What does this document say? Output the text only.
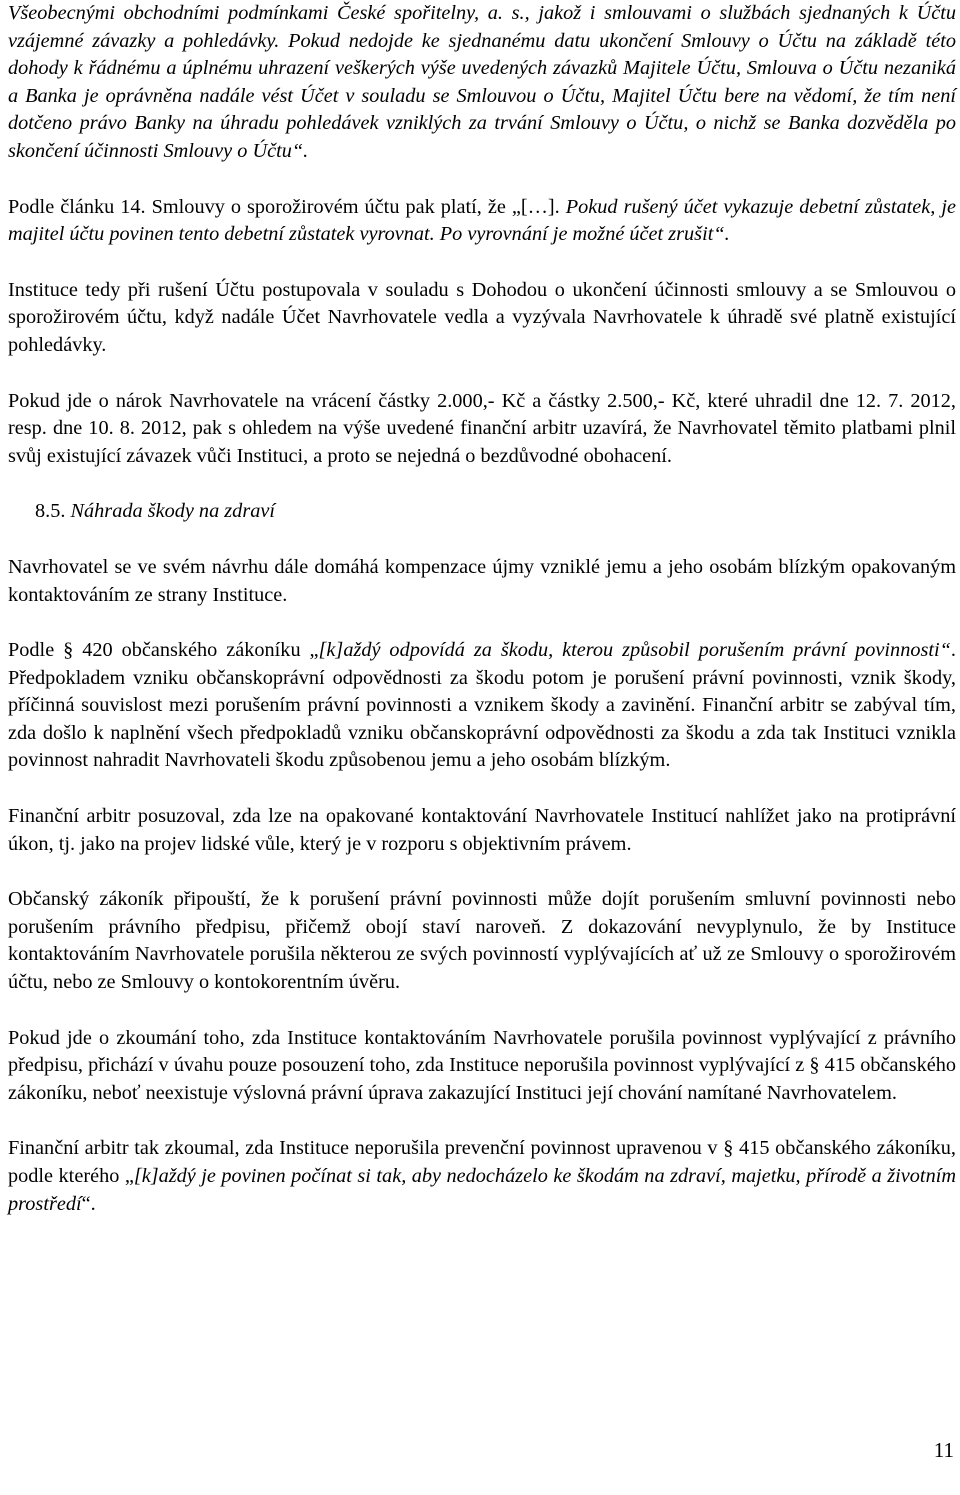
Všeobecnými obchodními podmínkami České spořitelny, a. s., jakož i smlouvami o službách sjednaných k Účtu vzájemné závazky a pohledávky. Pokud nedojde ke sjednanému datu ukončení Smlouvy o Účtu na základě této dohody k řádnému a úplnému uhrazení veškerých výše uvedených závazků Majitele Účtu, Smlouva o Účtu nezaniká a Banka je oprávněna nadále vést Účet v souladu se Smlouvou o Účtu, Majitel Účtu bere na vědomí, že tím není dotčeno právo Banky na úhradu pohledávek vzniklých za trvání Smlouvy o Účtu, o nichž se Banka dozvěděla po skončení účinnosti Smlouvy o Účtu“.

Podle článku 14. Smlouvy o sporožirovém účtu pak platí, že „[…]. Pokud rušený účet vykazuje debetní zůstatek, je majitel účtu povinen tento debetní zůstatek vyrovnat. Po vyrovnání je možné účet zrušit“.

Instituce tedy při rušení Účtu postupovala v souladu s Dohodou o ukončení účinnosti smlouvy a se Smlouvou o sporožirovém účtu, když nadále Účet Navrhovatele vedla a vyzývala Navrhovatele k úhradě své platně existující pohledávky.

Pokud jde o nárok Navrhovatele na vrácení částky 2.000,- Kč a částky 2.500,- Kč, které uhradil dne 12. 7. 2012, resp. dne 10. 8. 2012, pak s ohledem na výše uvedené finanční arbitr uzavírá, že Navrhovatel těmito platbami plnil svůj existující závazek vůči Instituci, a proto se nejedná o bezdůvodné obohacení.

8.5. Náhrada škody na zdraví

Navrhovatel se ve svém návrhu dále domáhá kompenzace újmy vzniklé jemu a jeho osobám blízkým opakovaným kontaktováním ze strany Instituce.

Podle § 420 občanského zákoníku „[k]aždý odpovídá za škodu, kterou způsobil porušením právní povinnosti“. Předpokladem vzniku občanskoprávní odpovědnosti za škodu potom je porušení právní povinnosti, vznik škody, příčinná souvislost mezi porušením právní povinnosti a vznikem škody a zavinění. Finanční arbitr se zabýval tím, zda došlo k naplnění všech předpokladů vzniku občanskoprávní odpovědnosti za škodu a zda tak Instituci vznikla povinnost nahradit Navrhovateli škodu způsobenou jemu a jeho osobám blízkým.

Finanční arbitr posuzoval, zda lze na opakované kontaktování Navrhovatele Institucí nahlížet jako na protiprávní úkon, tj. jako na projev lidské vůle, který je v rozporu s objektivním právem.

Občanský zákoník připouští, že k porušení právní povinnosti může dojít porušením smluvní povinnosti nebo porušením právního předpisu, přičemž obojí staví naroveň. Z dokazování nevyplynulo, že by Instituce kontaktováním Navrhovatele porušila některou ze svých povinností vyplývajících ať už ze Smlouvy o sporožirovém účtu, nebo ze Smlouvy o kontokorentním úvěru.

Pokud jde o zkoumání toho, zda Instituce kontaktováním Navrhovatele porušila povinnost vyplývající z právního předpisu, přichází v úvahu pouze posouzení toho, zda Instituce neporušila povinnost vyplývající z § 415 občanského zákoníku, neboť neexistuje výslovná právní úprava zakazující Instituci její chování namítané Navrhovatelem.

Finanční arbitr tak zkoumal, zda Instituce neporušila prevenční povinnost upravenou v § 415 občanského zákoníku, podle kterého „[k]aždý je povinen počínat si tak, aby nedocházelo ke škodám na zdraví, majetku, přírodě a životním prostředí“.

11
